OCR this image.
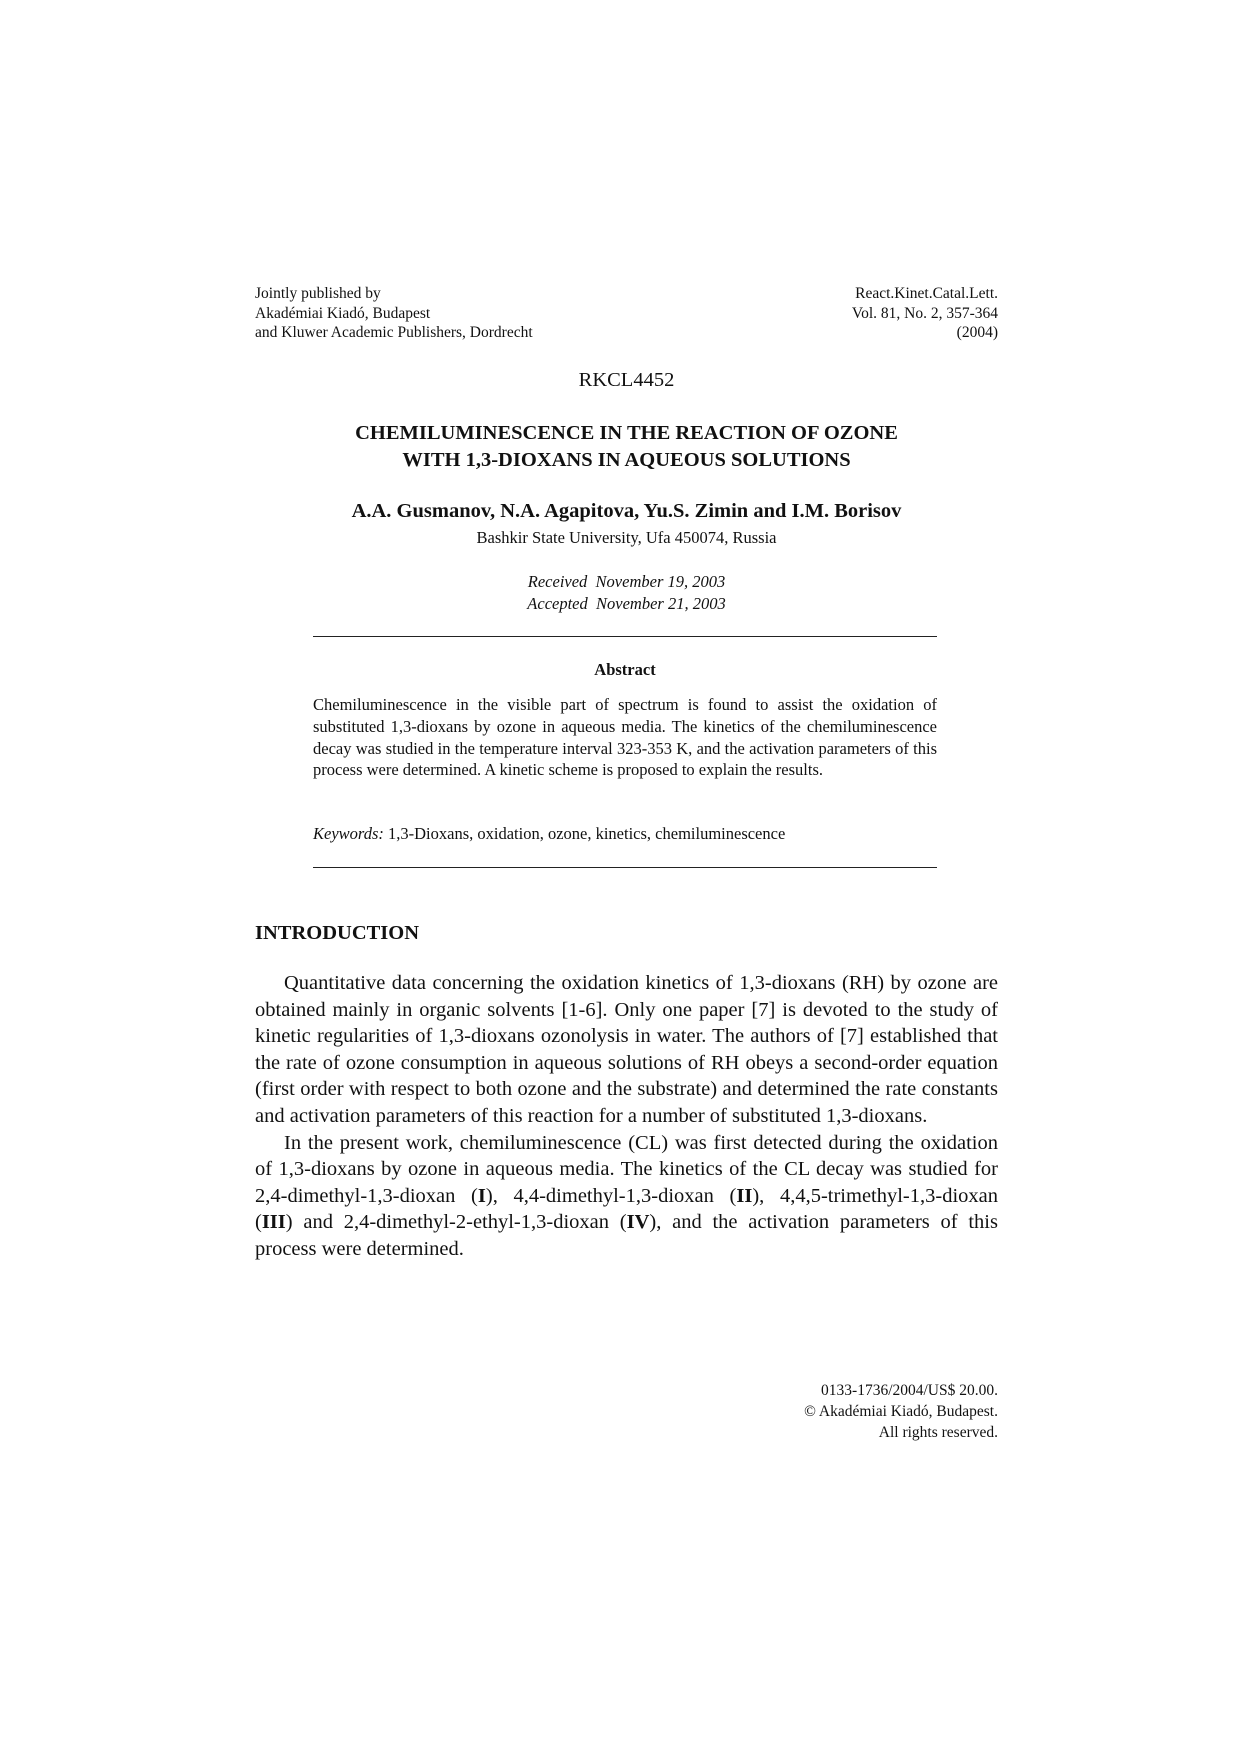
Jointly published by
Akadémiai Kiadó, Budapest
and Kluwer Academic Publishers, Dordrecht
React.Kinet.Catal.Lett.
Vol. 81, No. 2, 357-364
(2004)
RKCL4452
CHEMILUMINESCENCE IN THE REACTION OF OZONE
WITH 1,3-DIOXANS IN AQUEOUS SOLUTIONS
A.A. Gusmanov, N.A. Agapitova, Yu.S. Zimin and I.M. Borisov
Bashkir State University, Ufa 450074, Russia
Received  November 19, 2003
Accepted  November 21, 2003
Abstract
Chemiluminescence in the visible part of spectrum is found to assist the oxidation of substituted 1,3-dioxans by ozone in aqueous media. The kinetics of the chemiluminescence decay was studied in the temperature interval 323-353 K, and the activation parameters of this process were determined. A kinetic scheme is proposed to explain the results.
Keywords: 1,3-Dioxans, oxidation, ozone, kinetics, chemiluminescence
INTRODUCTION

Quantitative data concerning the oxidation kinetics of 1,3-dioxans (RH) by ozone are obtained mainly in organic solvents [1-6]. Only one paper [7] is devoted to the study of kinetic regularities of 1,3-dioxans ozonolysis in water. The authors of [7] established that the rate of ozone consumption in aqueous solutions of RH obeys a second-order equation (first order with respect to both ozone and the substrate) and determined the rate constants and activation parameters of this reaction for a number of substituted 1,3-dioxans.

In the present work, chemiluminescence (CL) was first detected during the oxidation of 1,3-dioxans by ozone in aqueous media. The kinetics of the CL decay was studied for 2,4-dimethyl-1,3-dioxan (I), 4,4-dimethyl-1,3-dioxan (II), 4,4,5-trimethyl-1,3-dioxan (III) and 2,4-dimethyl-2-ethyl-1,3-dioxan (IV), and the activation parameters of this process were determined.

0133-1736/2004/US$ 20.00.
© Akadémiai Kiadó, Budapest.
All rights reserved.
